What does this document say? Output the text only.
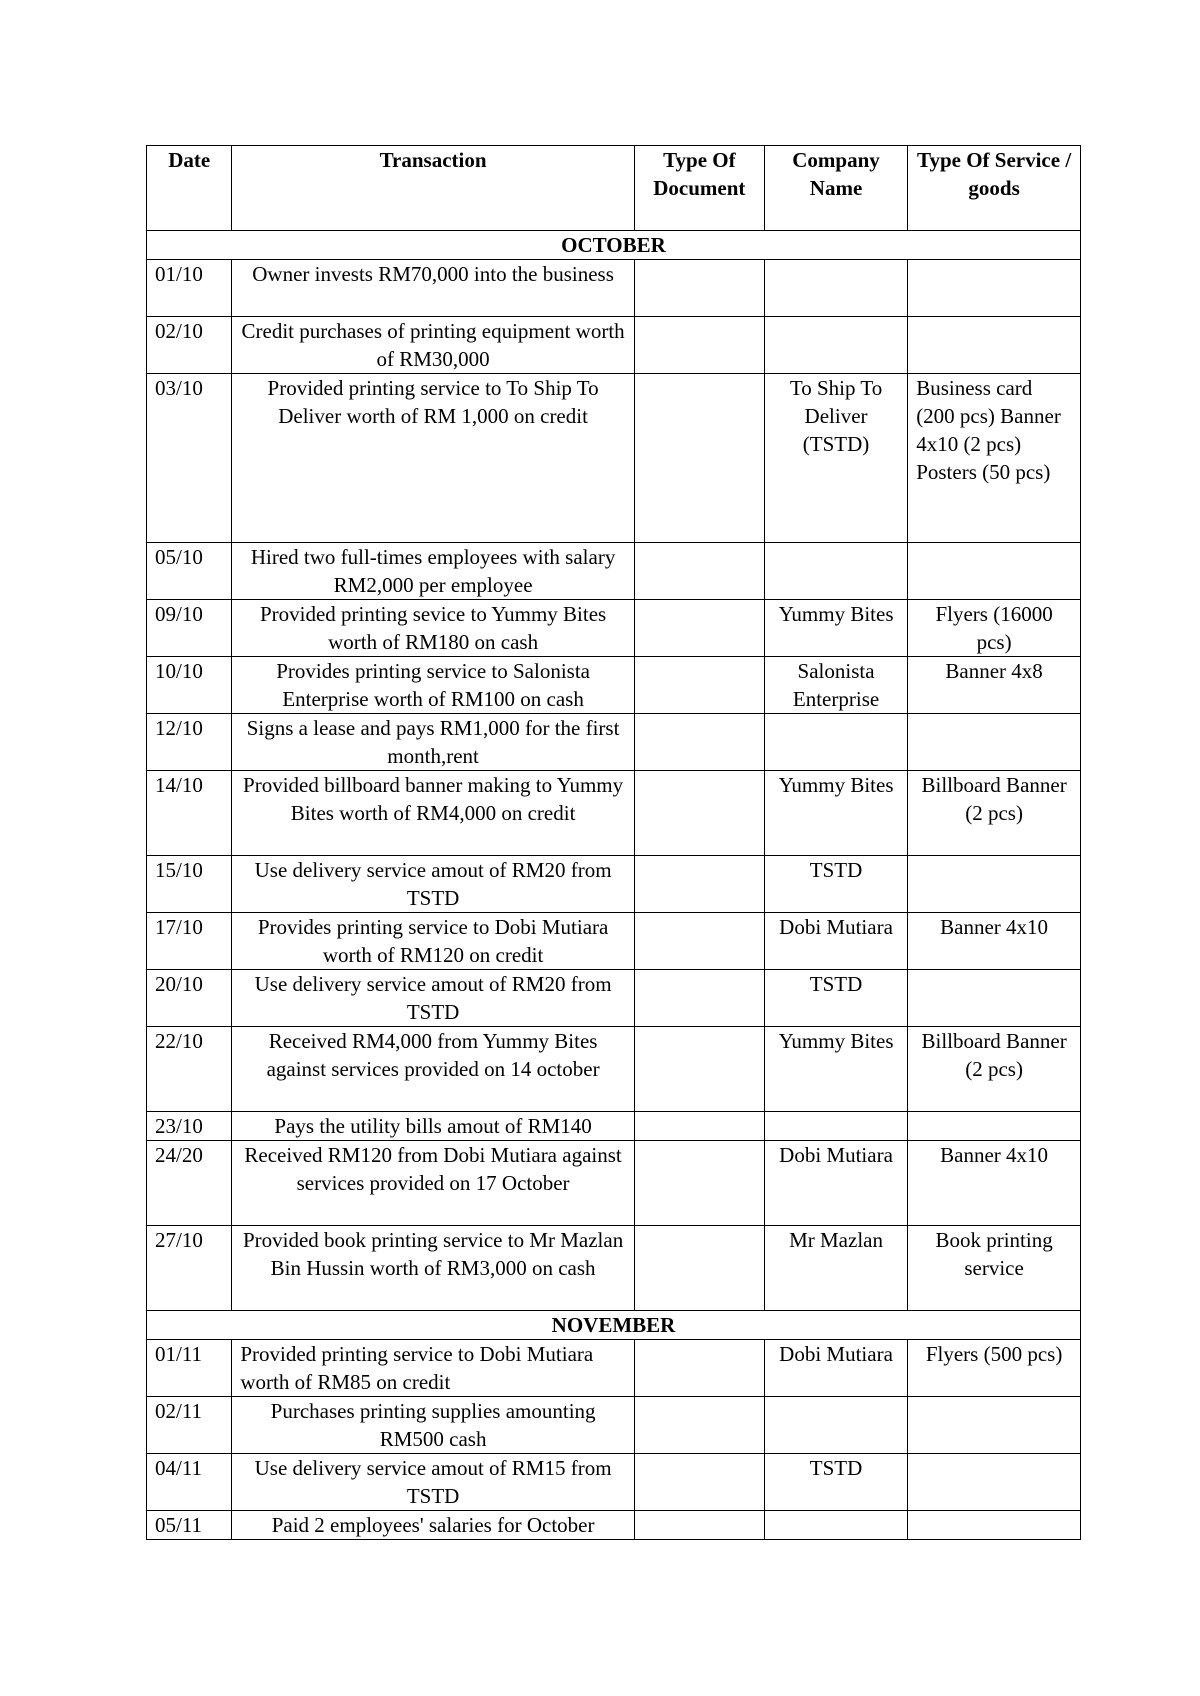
Date	Transaction	Type Of Document	Company Name	Type Of Service / goods
OCTOBER				
01/10	Owner invests RM70,000 into the business			
02/10	Credit purchases of printing equipment worth of RM30,000			
03/10	Provided printing service to To Ship To Deliver worth of RM 1,000 on credit		To Ship To Deliver (TSTD)	Business card (200 pcs) Banner 4x10 (2 pcs) Posters (50 pcs)
05/10	Hired two full-times employees with salary RM2,000 per employee			
09/10	Provided printing sevice to Yummy Bites worth of RM180 on cash		Yummy Bites	Flyers (16000 pcs)
10/10	Provides printing service to Salonista Enterprise worth of RM100 on cash		Salonista Enterprise	Banner 4x8
12/10	Signs a lease and pays RM1,000 for the first month,rent			
14/10	Provided billboard banner making to Yummy Bites worth of RM4,000 on credit		Yummy Bites	Billboard Banner (2 pcs)
15/10	Use delivery service amout of RM20 from TSTD		TSTD	
17/10	Provides printing service to Dobi Mutiara worth of RM120 on credit		Dobi Mutiara	Banner 4x10
20/10	Use delivery service amout of RM20 from TSTD		TSTD	
22/10	Received RM4,000 from Yummy Bites against services provided on 14 october		Yummy Bites	Billboard Banner (2 pcs)
23/10	Pays the utility bills amout of RM140			
24/20	Received RM120 from Dobi Mutiara against services provided on 17 October		Dobi Mutiara	Banner 4x10
27/10	Provided book printing service to Mr Mazlan Bin Hussin worth of RM3,000 on cash		Mr Mazlan	Book printing service
NOVEMBER				
01/11	Provided printing service to Dobi Mutiara worth of RM85 on credit		Dobi Mutiara	Flyers (500 pcs)
02/11	Purchases printing supplies amounting RM500 cash			
04/11	Use delivery service amout of RM15 from TSTD		TSTD	
05/11	Paid 2 employees' salaries for October			
